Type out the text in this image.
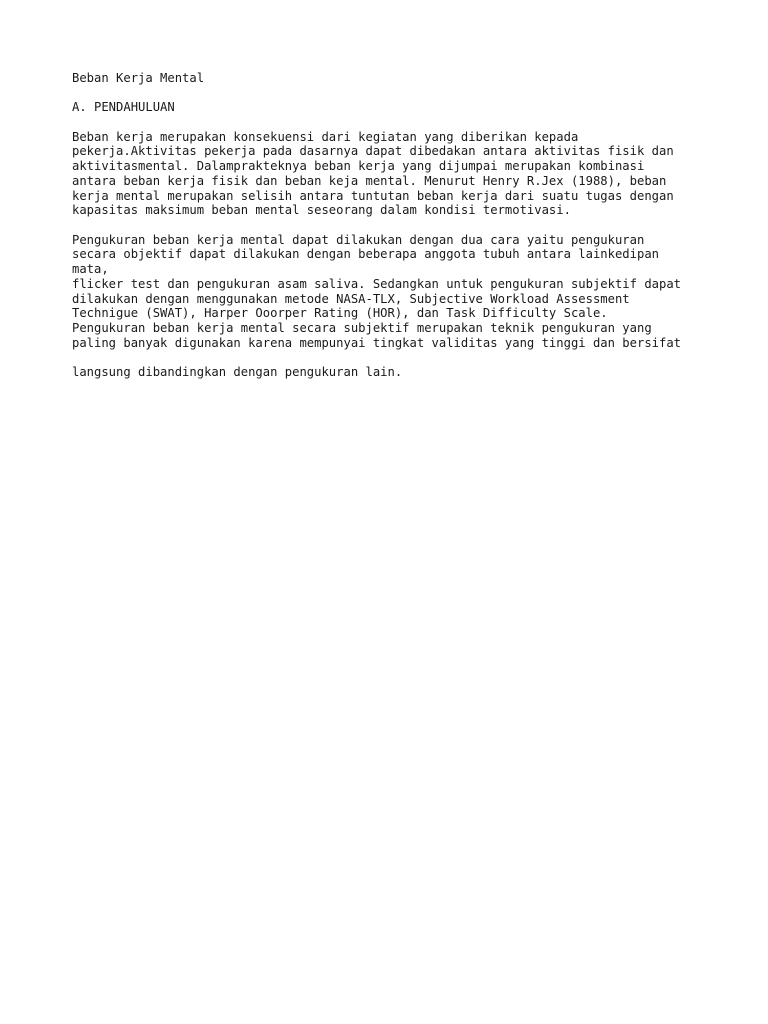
Beban Kerja Mental
A. PENDAHULUAN
Beban kerja merupakan konsekuensi dari kegiatan yang diberikan kepada
pekerja.Aktivitas pekerja pada dasarnya dapat dibedakan antara aktivitas fisik dan
aktivitasmental. Dalamprakteknya beban kerja yang dijumpai merupakan kombinasi
antara beban kerja fisik dan beban keja mental. Menurut Henry R.Jex (1988), beban
kerja mental merupakan selisih antara tuntutan beban kerja dari suatu tugas dengan
kapasitas maksimum beban mental seseorang dalam kondisi termotivasi.
Pengukuran beban kerja mental dapat dilakukan dengan dua cara yaitu pengukuran
secara objektif dapat dilakukan dengan beberapa anggota tubuh antara lainkedipan
mata,
flicker test dan pengukuran asam saliva. Sedangkan untuk pengukuran subjektif dapat
dilakukan dengan menggunakan metode NASA-TLX, Subjective Workload Assessment
Technigue (SWAT), Harper Ooorper Rating (HOR), dan Task Difficulty Scale.
Pengukuran beban kerja mental secara subjektif merupakan teknik pengukuran yang
paling banyak digunakan karena mempunyai tingkat validitas yang tinggi dan bersifat
langsung dibandingkan dengan pengukuran lain.
